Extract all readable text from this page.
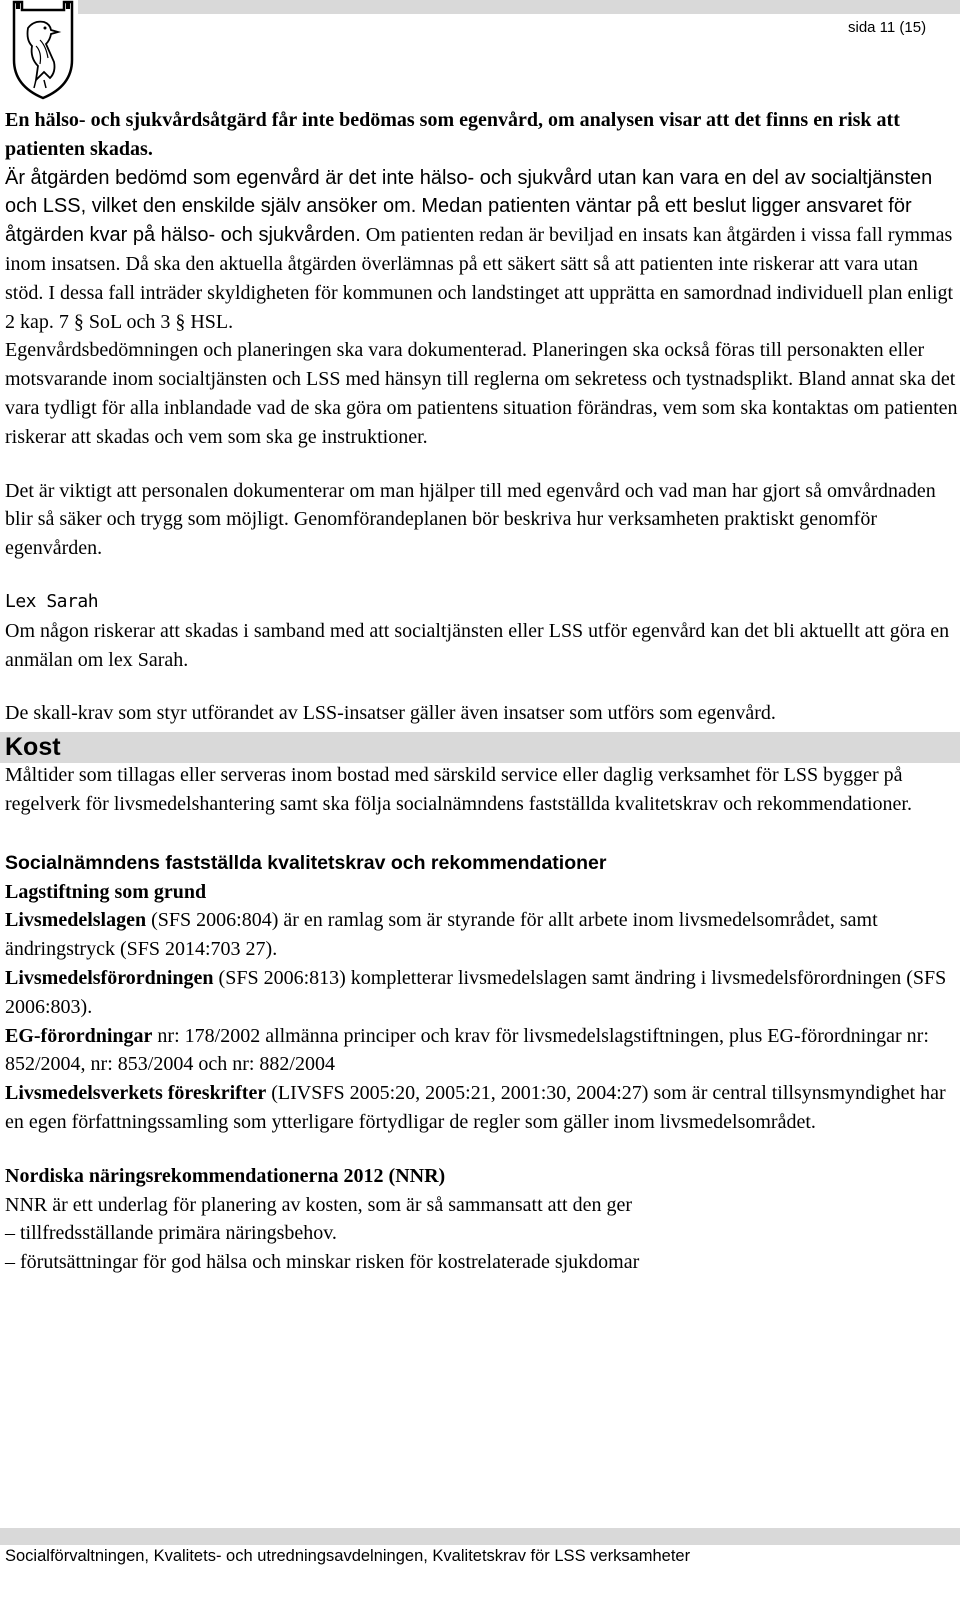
sida 11 (15)

En hälso- och sjukvårdsåtgärd får inte bedömas som egenvård, om analysen visar att det finns en risk att patienten skadas.

Är åtgärden bedömd som egenvård är det inte hälso- och sjukvård utan kan vara en del av socialtjänsten och LSS, vilket den enskilde själv ansöker om. Medan patienten väntar på ett beslut ligger ansvaret för åtgärden kvar på hälso- och sjukvården. Om patienten redan är beviljad en insats kan åtgärden i vissa fall rymmas inom insatsen. Då ska den aktuella åtgärden överlämnas på ett säkert sätt så att patienten inte riskerar att vara utan stöd. I dessa fall inträder skyldigheten för kommunen och landstinget att upprätta en samordnad individuell plan enligt 2 kap. 7 § SoL och 3 § HSL.

Egenvårdsbedömningen och planeringen ska vara dokumenterad. Planeringen ska också föras till personakten eller motsvarande inom socialtjänsten och LSS med hänsyn till reglerna om sekretess och tystnadsplikt. Bland annat ska det vara tydligt för alla inblandade vad de ska göra om patientens situation förändras, vem som ska kontaktas om patienten riskerar att skadas och vem som ska ge instruktioner.

Det är viktigt att personalen dokumenterar om man hjälper till med egenvård och vad man har gjort så omvårdnaden blir så säker och trygg som möjligt. Genomförandeplanen bör beskriva hur verksamheten praktiskt genomför egenvården.

Lex Sarah

Om någon riskerar att skadas i samband med att socialtjänsten eller LSS utför egenvård kan det bli aktuellt att göra en anmälan om lex Sarah.

De skall-krav som styr utförandet av LSS-insatser gäller även insatser som utförs som egenvård.

Kost

Måltider som tillagas eller serveras inom bostad med särskild service eller daglig verksamhet för LSS bygger på regelverk för livsmedelshantering samt ska följa socialnämndens fastställda kvalitetskrav och rekommendationer.

Socialnämndens fastställda kvalitetskrav och rekommendationer

Lagstiftning som grund

Livsmedelslagen (SFS 2006:804) är en ramlag som är styrande för allt arbete inom livsmedelsområdet, samt ändringstryck (SFS 2014:703 27).

Livsmedelsförordningen (SFS 2006:813) kompletterar livsmedelslagen samt ändring i livsmedelsförordningen (SFS 2006:803).

EG-förordningar nr: 178/2002 allmänna principer och krav för livsmedelslagstiftningen, plus EG-förordningar nr: 852/2004, nr: 853/2004 och nr: 882/2004

Livsmedelsverkets föreskrifter (LIVSFS 2005:20, 2005:21, 2001:30, 2004:27) som är central tillsynsmyndighet har en egen författningssamling som ytterligare förtydligar de regler som gäller inom livsmedelsområdet.

Nordiska näringsrekommendationerna 2012 (NNR)

NNR är ett underlag för planering av kosten, som är så sammansatt att den ger

– tillfredsställande primära näringsbehov.

– förutsättningar för god hälsa och minskar risken för kostrelaterade sjukdomar

Socialförvaltningen, Kvalitets- och utredningsavdelningen, Kvalitetskrav för LSS verksamheter
